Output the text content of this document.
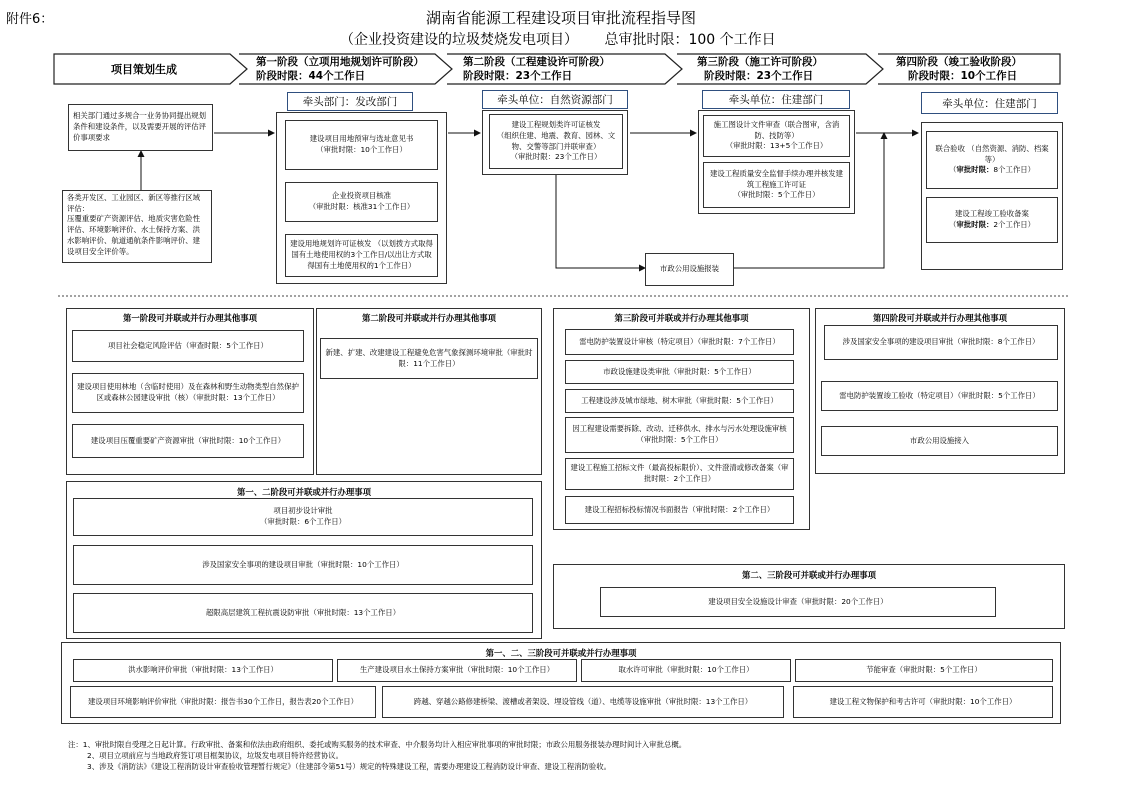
附件6：	湖南省能源工程建设项目审批流程指导图
（企业投资建设的垃圾焚烧发电项目） 总审批时限：100 个工作日
项目策划生成
第一阶段（立项用地规划许可阶段）
阶段时限：44个工作日
第二阶段（工程建设许可阶段）
阶段时限：23个工作日
第三阶段（施工许可阶段）
阶段时限：23个工作日
第四阶段（竣工验收阶段）
阶段时限：10个工作日
相关部门通过多规合一业务协同提出规划条件和建设条件，以及需要开展的评估评价事项要求
各类开发区、工业园区、新区等推行区域评估：
压覆重要矿产资源评估、地质灾害危险性评估、环境影响评价、水土保持方案、洪水影响评价、航道通航条件影响评价、建设项目安全评价等。
牵头部门：发改部门
建设项目用地预审与选址意见书
（审批时限：10个工作日）
企业投资项目核准
（审批时限：核准31个工作日）
建设用地规划许可证核发 （以划拨方式取得国有土地使用权的3个工作日/以出让方式取得国有土地使用权的1个工作日）
牵头单位：自然资源部门
建设工程规划类许可证核发
（组织住建、地震、教育、园林、文物、交警等部门并联审查）
（审批时限：23个工作日）
牵头单位：住建部门
施工图设计文件审查（联合图审，含消防、技防等）
（审批时限：13+5个工作日）
建设工程质量安全监督手续办理并核发建筑工程施工许可证
（审批时限：5个工作日）
市政公用设施报装
牵头单位：住建部门
联合验收 （自然资源、消防、档案等）
（审批时限：8个工作日）
建设工程竣工验收备案
（审批时限：2个工作日）
第一阶段可并联或并行办理其他事项
项目社会稳定风险评估（审查时限：5个工作日）
建设项目使用林地（含临时使用）及在森林和野生动物类型自然保护区或森林公园建设审批（核）（审批时限：13个工作日）
建设项目压覆重要矿产资源审批（审批时限：10个工作日）
第二阶段可并联或并行办理其他事项
新建、扩建、改建建设工程避免危害气象探测环境审批（审批时限：11个工作日）
第三阶段可并联或并行办理其他事项
雷电防护装置设计审核（特定项目）（审批时限：7个工作日）
市政设施建设类审批（审批时限：5个工作日）
工程建设涉及城市绿地、树木审批（审批时限：5个工作日）
因工程建设需要拆除、改动、迁移供水、排水与污水处理设施审核（审批时限：5个工作日）
建设工程施工招标文件（最高投标限价）、文件澄清或修改备案（审批时限：2个工作日）
建设工程招标投标情况书面报告（审批时限：2个工作日）
第四阶段可并联或并行办理其他事项
涉及国家安全事项的建设项目审批（审批时限：8个工作日）
雷电防护装置竣工验收（特定项目）（审批时限：5个工作日）
市政公用设施接入
第一、二阶段可并联或并行办理事项
项目初步设计审批
（审批时限：6个工作日）
涉及国家安全事项的建设项目审批（审批时限：10个工作日）
超限高层建筑工程抗震设防审批（审批时限：13个工作日）
第二、三阶段可并联或并行办理事项
建设项目安全设施设计审查（审批时限：20个工作日）
第一、二、三阶段可并联或并行办理事项
洪水影响评价审批（审批时限：13个工作日）	生产建设项目水土保持方案审批（审批时限：10个工作日）	取水许可审批（审批时限：10个工作日）	节能审查（审批时限：5个工作日）
建设项目环境影响评价审批（审批时限：报告书30个工作日，报告表20个工作日）	跨越、穿越公路修建桥梁、渡槽或者架设、埋设管线（道）、电缆等设施审批（审批时限：13个工作日）	建设工程文物保护和考古许可（审批时限：10个工作日）
注：1、审批时限自受理之日起计算。行政审批、备案和依法由政府组织、委托或购买服务的技术审查、中介服务均计入相应审批事项的审批时限；市政公用服务报装办理时间计入审批总概。
2、项目立项前应与当地政府签订项目框架协议，垃圾发电项目特许经营协议。
3、涉及《消防法》《建设工程消防设计审查验收管理暂行规定》（住建部令第51号）规定的特殊建设工程，需要办理建设工程消防设计审查、建设工程消防验收。
